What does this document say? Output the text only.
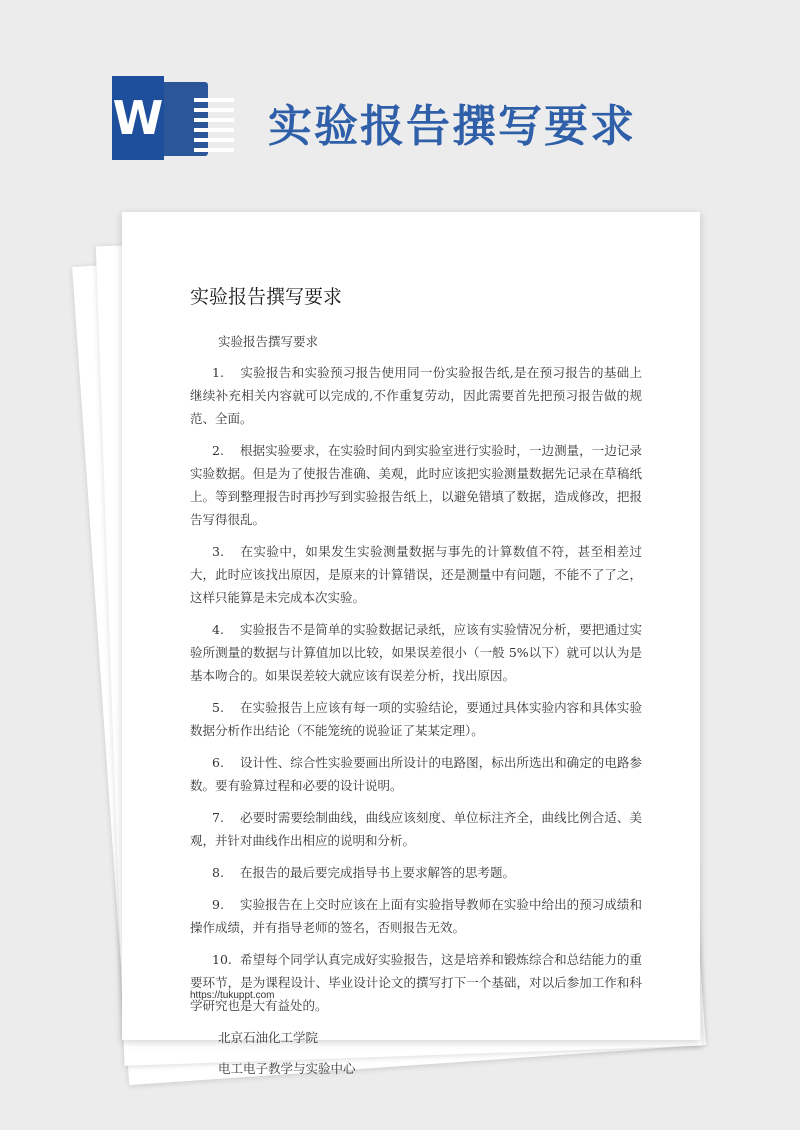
W 实验报告撰写要求
实验报告撰写要求
实验报告撰写要求
1. 实验报告和实验预习报告使用同一份实验报告纸,是在预习报告的基础上继续补充相关内容就可以完成的,不作重复劳动，因此需要首先把预习报告做的规范、全面。
2. 根据实验要求，在实验时间内到实验室进行实验时，一边测量，一边记录实验数据。但是为了使报告准确、美观，此时应该把实验测量数据先记录在草稿纸上。等到整理报告时再抄写到实验报告纸上，以避免错填了数据，造成修改，把报告写得很乱。
3. 在实验中，如果发生实验测量数据与事先的计算数值不符，甚至相差过大，此时应该找出原因，是原来的计算错误，还是测量中有问题，不能不了了之，这样只能算是未完成本次实验。
4. 实验报告不是简单的实验数据记录纸，应该有实验情况分析，要把通过实验所测量的数据与计算值加以比较，如果误差很小（一般 5%以下）就可以认为是基本吻合的。如果误差较大就应该有误差分析，找出原因。
5. 在实验报告上应该有每一项的实验结论，要通过具体实验内容和具体实验数据分析作出结论（不能笼统的说验证了某某定理）。
6. 设计性、综合性实验要画出所设计的电路图，标出所选出和确定的电路参数。要有验算过程和必要的设计说明。
7. 必要时需要绘制曲线，曲线应该刻度、单位标注齐全，曲线比例合适、美观，并针对曲线作出相应的说明和分析。
8. 在报告的最后要完成指导书上要求解答的思考题。
9. 实验报告在上交时应该在上面有实验指导教师在实验中给出的预习成绩和操作成绩，并有指导老师的签名，否则报告无效。
10. 希望每个同学认真完成好实验报告，这是培养和锻炼综合和总结能力的重要环节，是为课程设计、毕业设计论文的撰写打下一个基础，对以后参加工作和科学研究也是大有益处的。
北京石油化工学院
电工电子教学与实验中心
https://tukuppt.com
